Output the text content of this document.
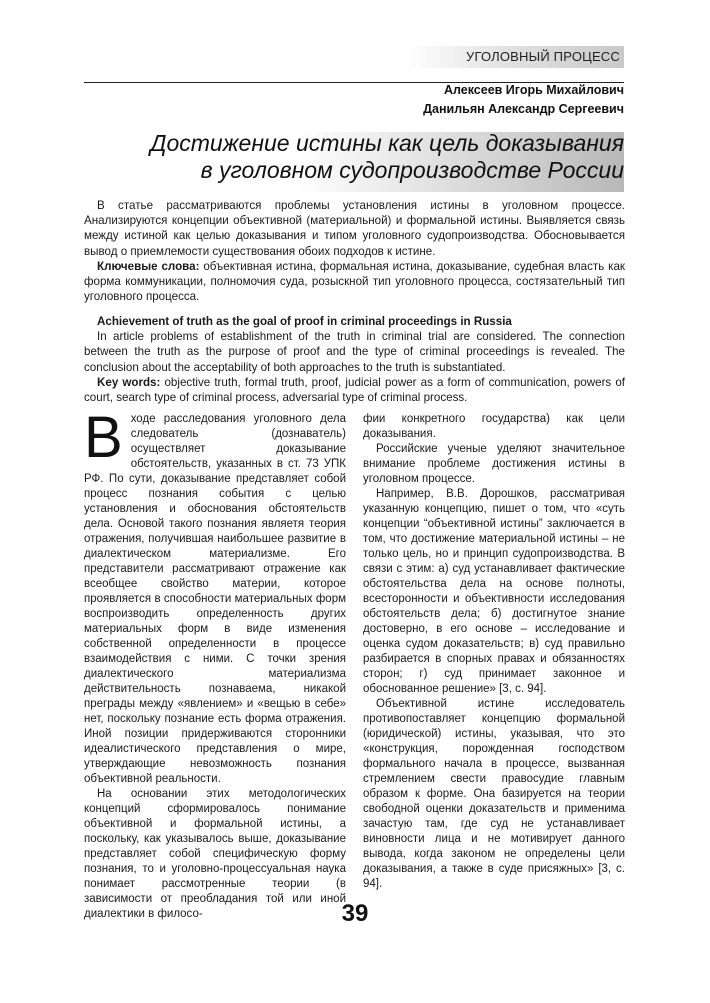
УГОЛОВНЫЙ ПРОЦЕСС
Алексеев Игорь Михайлович
Данильян Александр Сергеевич
Достижение истины как цель доказывания
в уголовном судопроизводстве России

В статье рассматриваются проблемы установления истины в уголовном процессе. Анализируются концепции объективной (материальной) и формальной истины. Выявляется связь между истиной как целью доказывания и типом уголовного судопроизводства. Обосновывается вывод о приемлемости существования обоих подходов к истине.

Ключевые слова: объективная истина, формальная истина, доказывание, судебная власть как форма коммуникации, полномочия суда, розыскной тип уголовного процесса, состязательный тип уголовного процесса.

Achievement of truth as the goal of proof in criminal proceedings in Russia

In article problems of establishment of the truth in criminal trial are considered. The connection between the truth as the purpose of proof and the type of criminal proceedings is revealed. The conclusion about the acceptability of both approaches to the truth is substantiated.

Key words: objective truth, formal truth, proof, judicial power as a form of communication, powers of court, search type of criminal process, adversarial type of criminal process.

Входе расследования уголовного дела следователь (дознаватель) осуществляет доказывание обстоятельств, указанных в ст. 73 УПК РФ. По сути, доказывание представляет собой процесс познания события с целью установления и обоснования обстоятельств дела. Основой такого познания являетя теория отражения, получившая наибольшее развитие в диалектическом материализме. Его представители рассматривают отражение как всеобщее свойство материи, которое проявляется в способности материальных форм воспроизводить определенность других материальных форм в виде изменения собственной определенности в процессе взаимодействия с ними. С точки зрения диалектического материализма действительность познаваема, никакой преграды между «явлением» и «вещью в себе» нет, поскольку познание есть форма отражения. Иной позиции придерживаются сторонники идеалистического представления о мире, утверждающие невозможность познания объективной реальности.

На основании этих методологических концепций сформировалось понимание объективной и формальной истины, а поскольку, как указывалось выше, доказывание представляет собой специфическую форму познания, то и уголовно-процессуальная наука понимает рассмотренные теории (в зависимости от преобладания той или иной диалектики в филосо-

фии конкретного государства) как цели доказывания.

Российские ученые уделяют значительное внимание проблеме достижения истины в уголовном процессе.

Например, В.В. Дорошков, рассматривая указанную концепцию, пишет о том, что «суть концепции “объективной истины” заключается в том, что достижение материальной истины – не только цель, но и принцип судопроизводства. В связи с этим: а) суд устанавливает фактические обстоятельства дела на основе полноты, всесторонности и объективности исследования обстоятельств дела; б) достигнутое знание достоверно, в его основе – исследование и оценка судом доказательств; в) суд правильно разбирается в спорных правах и обязанностях сторон; г) суд принимает законное и обоснованное решение» [3, с. 94].

Объективной истине исследователь противопоставляет концепцию формальной (юридической) истины, указывая, что это «конструкция, порожденная господством формального начала в процессе, вызванная стремлением свести правосудие главным образом к форме. Она базируется на теории свободной оценки доказательств и применима зачастую там, где суд не устанавливает виновности лица и не мотивирует данного вывода, когда законом не определены цели доказывания, а также в суде присяжных» [3, с. 94].

39
